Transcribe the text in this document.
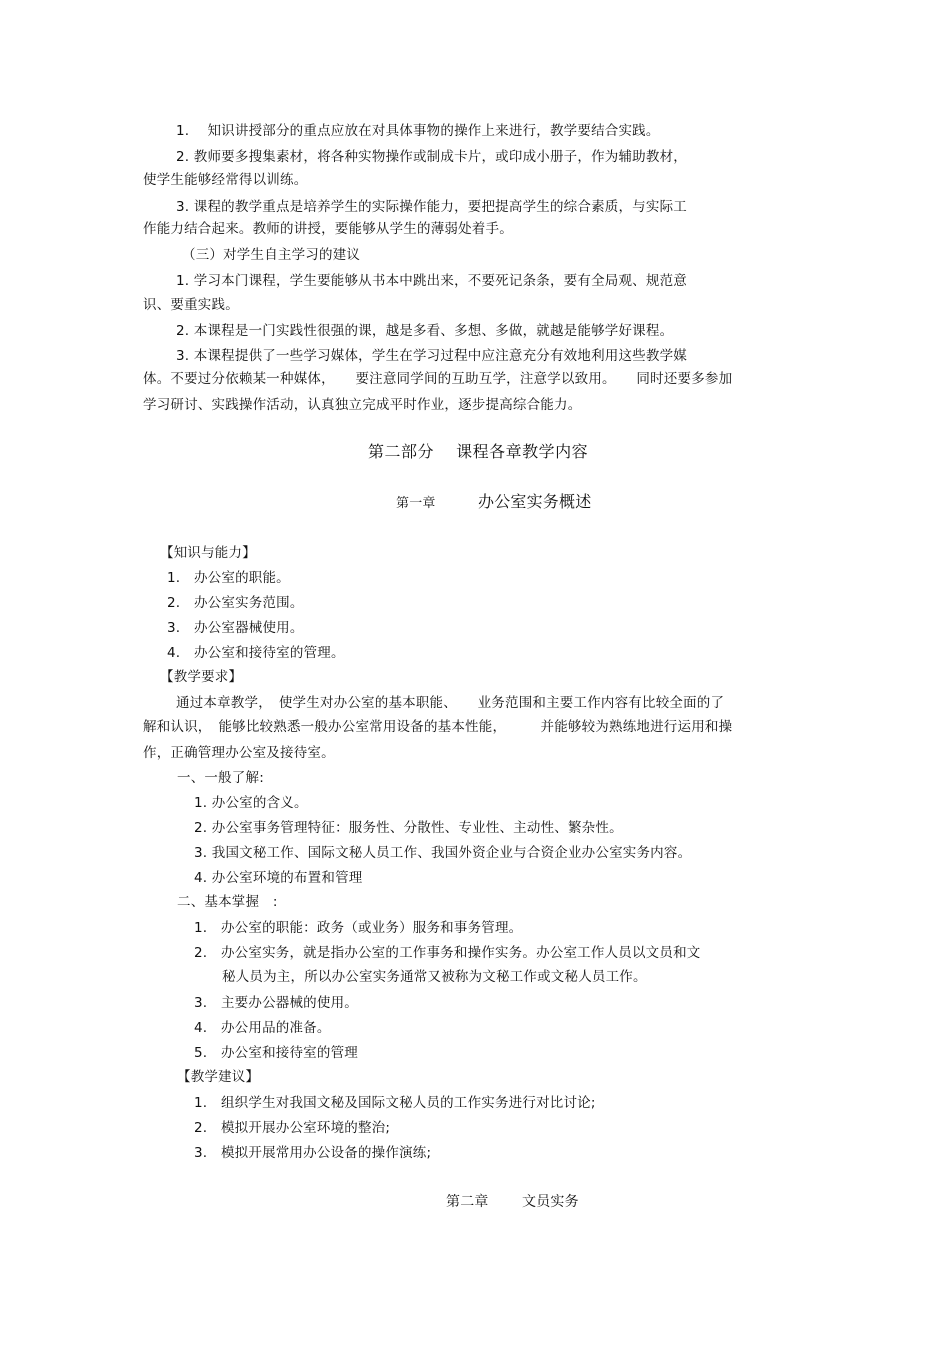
1.　 知识讲授部分的重点应放在对具体事物的操作上来进行，教学要结合实践。
2. 教师要多搜集素材，将各种实物操作或制成卡片，或印成小册子，作为辅助教材，
使学生能够经常得以训练。
3. 课程的教学重点是培养学生的实际操作能力，要把提高学生的综合素质，与实际工
作能力结合起来。教师的讲授，要能够从学生的薄弱处着手。
（三）对学生自主学习的建议
1. 学习本门课程，学生要能够从书本中跳出来，不要死记条条，要有全局观、规范意
识、要重实践。
2. 本课程是一门实践性很强的课，越是多看、多想、多做，就越是能够学好课程。
3. 本课程提供了一些学习媒体，学生在学习过程中应注意充分有效地利用这些教学媒
体。不要过分依赖某一种媒体，　　要注意同学间的互助互学，注意学以致用。　　同时还要多参加
学习研讨、实践操作活动，认真独立完成平时作业，逐步提高综合能力。
第二部分　 课程各章教学内容
第一章	办公室实务概述
【知识与能力】
1.　办公室的职能。
2.　办公室实务范围。
3.　办公室器械使用。
4.　办公室和接待室的管理。
【教学要求】
通过本章教学，　使学生对办公室的基本职能、　　业务范围和主要工作内容有比较全面的了
解和认识，　能够比较熟悉一般办公室常用设备的基本性能，　　　并能够较为熟练地进行运用和操
作，正确管理办公室及接待室。
一、一般了解:
1. 办公室的含义。
2. 办公室事务管理特征：服务性、分散性、专业性、主动性、繁杂性。
3. 我国文秘工作、国际文秘人员工作、我国外资企业与合资企业办公室实务内容。
4. 办公室环境的布置和管理
二、基本掌握　:
1.　办公室的职能：政务（或业务）服务和事务管理。
2.　办公室实务，就是指办公室的工作事务和操作实务。办公室工作人员以文员和文
秘人员为主，所以办公室实务通常又被称为文秘工作或文秘人员工作。
3.　主要办公器械的使用。
4.　办公用品的准备。
5.　办公室和接待室的管理
【教学建议】
1.　组织学生对我国文秘及国际文秘人员的工作实务进行对比讨论;
2.　模拟开展办公室环境的整治;
3.　模拟开展常用办公设备的操作演练;
第二章 文员实务
